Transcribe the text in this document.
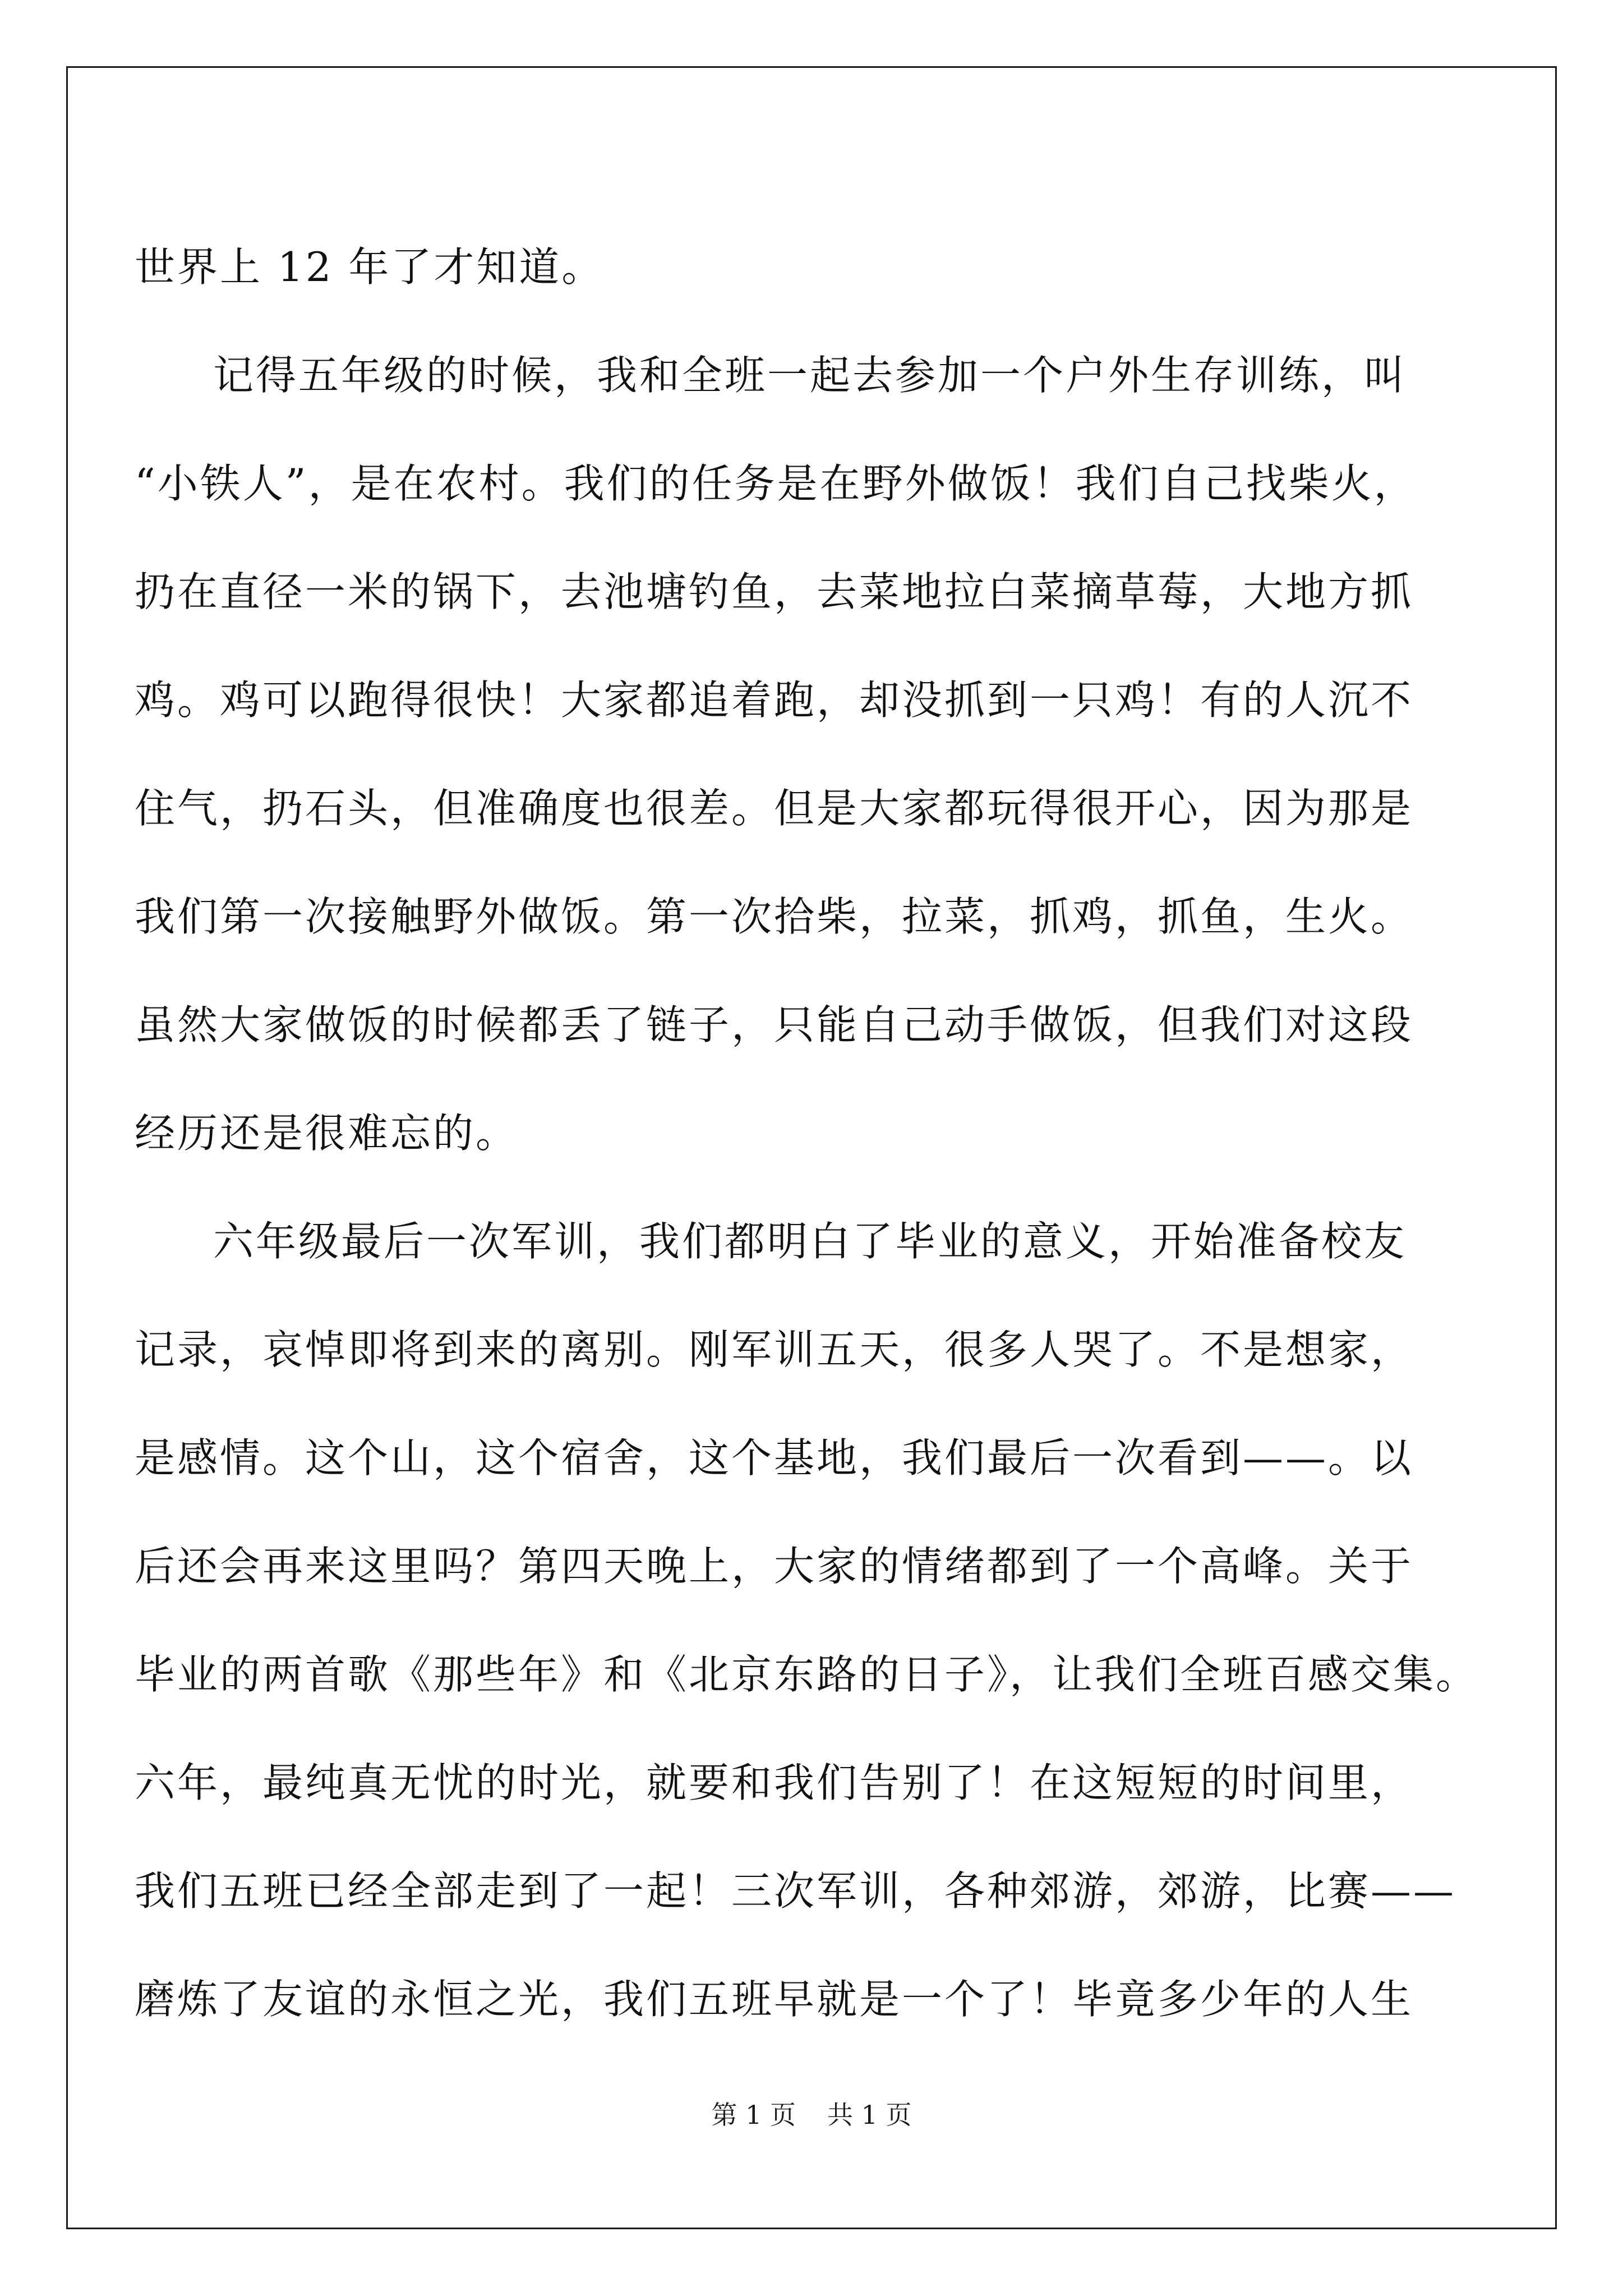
世界上 12 年了才知道。
记得五年级的时候，我和全班一起去参加一个户外生存训练，叫
“小铁人”，是在农村。我们的任务是在野外做饭！我们自己找柴火，
扔在直径一米的锅下，去池塘钓鱼，去菜地拉白菜摘草莓，大地方抓
鸡。鸡可以跑得很快！大家都追着跑，却没抓到一只鸡！有的人沉不
住气，扔石头，但准确度也很差。但是大家都玩得很开心，因为那是
我们第一次接触野外做饭。第一次拾柴，拉菜，抓鸡，抓鱼，生火。
虽然大家做饭的时候都丢了链子，只能自己动手做饭，但我们对这段
经历还是很难忘的。
六年级最后一次军训，我们都明白了毕业的意义，开始准备校友
记录，哀悼即将到来的离别。刚军训五天，很多人哭了。不是想家，
是感情。这个山，这个宿舍，这个基地，我们最后一次看到——。以
后还会再来这里吗？第四天晚上，大家的情绪都到了一个高峰。关于
毕业的两首歌《那些年》和《北京东路的日子》，让我们全班百感交集。
六年，最纯真无忧的时光，就要和我们告别了！在这短短的时间里，
我们五班已经全部走到了一起！三次军训，各种郊游，郊游，比赛——
磨炼了友谊的永恒之光，我们五班早就是一个了！毕竟多少年的人生
第 1 页 共 1 页
